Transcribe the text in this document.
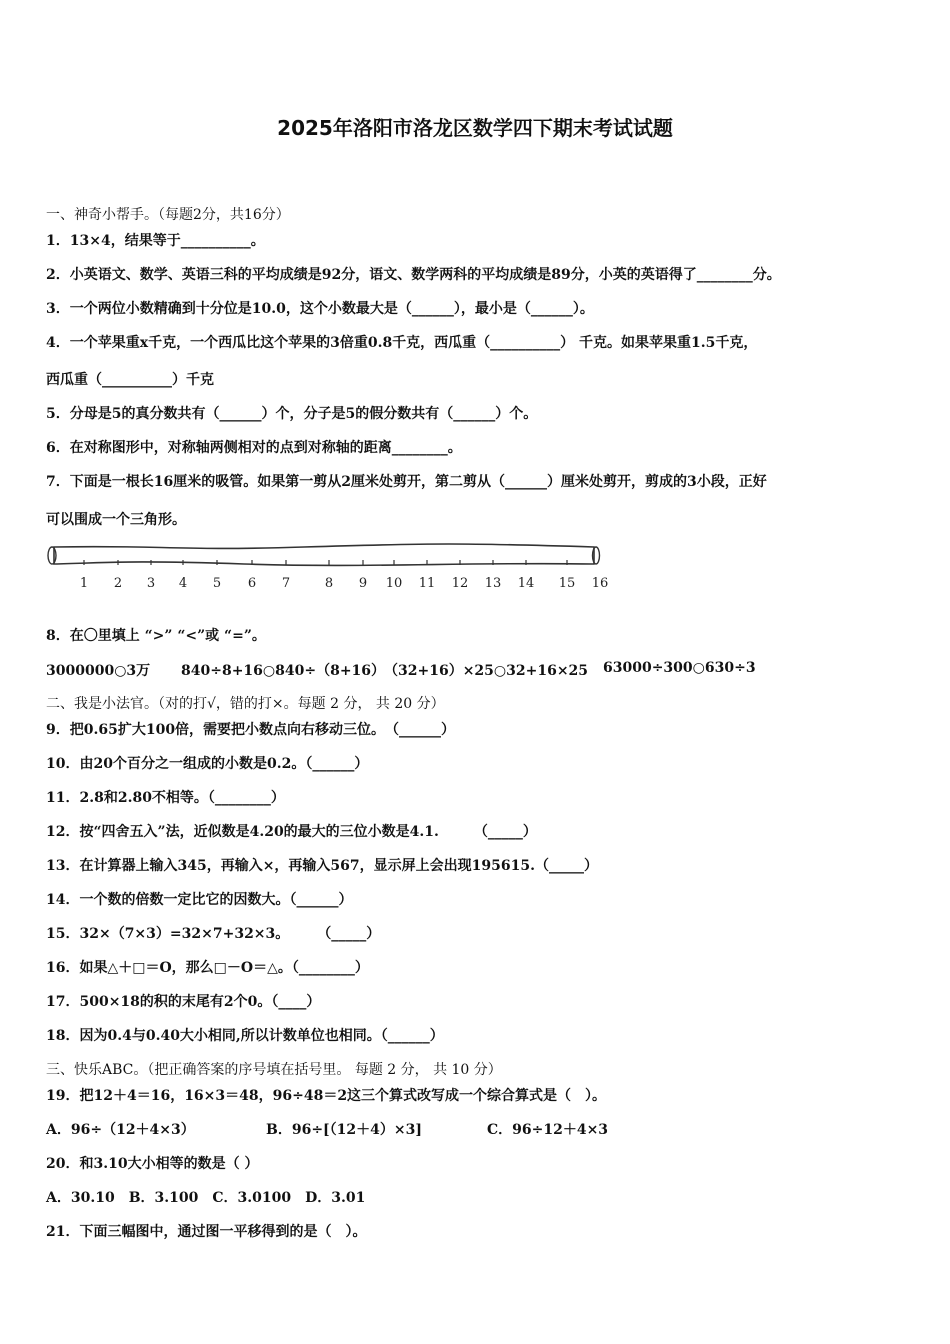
2025年洛阳市洛龙区数学四下期末考试试题
一、神奇小帮手。（每题2分，共16分）
1．13×4，结果等于__________。
2．小英语文、数学、英语三科的平均成绩是92分，语文、数学两科的平均成绩是89分，小英的英语得了________分。
3．一个两位小数精确到十分位是10.0，这个小数最大是（______），最小是（______）。
4．一个苹果重x千克，一个西瓜比这个苹果的3倍重0.8千克，西瓜重（__________） 千克。如果苹果重1.5千克，
西瓜重（__________）千克
5．分母是5的真分数共有（______）个，分子是5的假分数共有（______）个。
6．在对称图形中，对称轴两侧相对的点到对称轴的距离________。
7．下面是一根长16厘米的吸管。如果第一剪从2厘米处剪开，第二剪从（______）厘米处剪开，剪成的3小段，正好
可以围成一个三角形。
1 2 3 4 5 6 7	8 9 10 11 12 13 14 15 16
8．在〇里填上 “>” “<”或 “=”。
3000000○3万 840÷8+16○840÷（8+16）
（32+16）×25○32+16×25 63000÷300○630÷3
二、我是小法官。（对的打√，错的打×。每题 2 分， 共 20 分）
9．把0.65扩大100倍，需要把小数点向右移动三位。　（______）
10．由20个百分之一组成的小数是0.2。（______）
11．2.8和2.80不相等。（________）
12．按“四舍五入”法，近似数是4.20的最大的三位小数是4.1.　　　（_____）
13．在计算器上输入345，再输入×，再输入567，显示屏上会出现195615.（_____）
14．一个数的倍数一定比它的因数大。（______）
15．32×（7×3）=32×7+32×3。　　　（_____）
16．如果△＋□＝O，那么□－O＝△。（________）
17．500×18的积的末尾有2个0。（____）
18．因为0.4与0.40大小相同,所以计数单位也相同。（______）
三、快乐ABC。（把正确答案的序号填在括号里。 每题 2 分， 共 10 分）
19．把12＋4＝16，16×3＝48，96÷48＝2这三个算式改写成一个综合算式是（　）。
A．96÷（12＋4×3）	B．96÷[（12＋4）×3]	C．96÷12＋4×3
20．和3.10大小相等的数是（ ）
A．30.10　B．3.100　C．3.0100　D．3.01
21．下面三幅图中，通过图一平移得到的是（　）。
